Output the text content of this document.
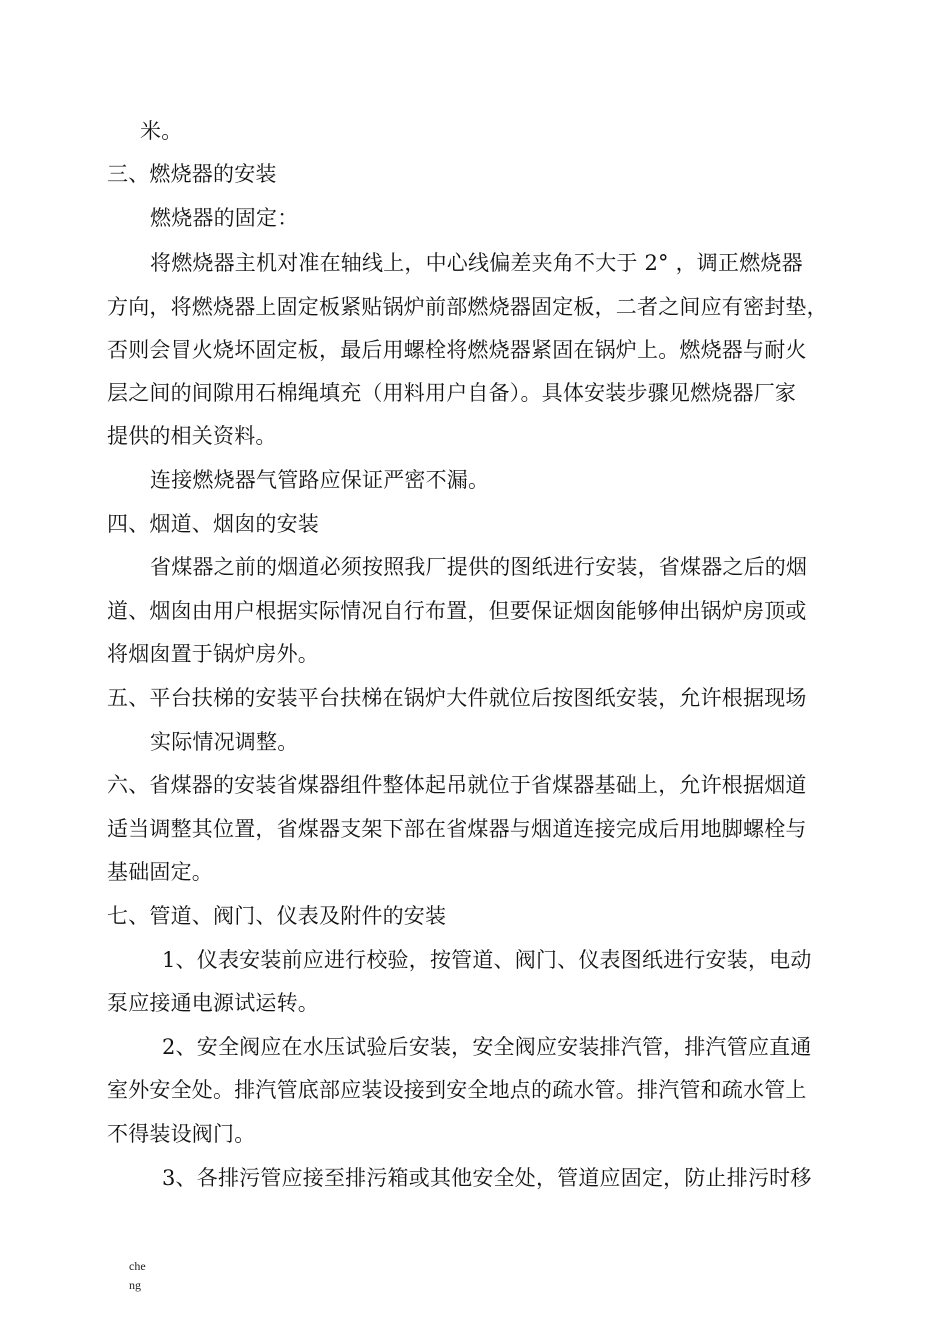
米。
三、燃烧器的安装
燃烧器的固定：
将燃烧器主机对准在轴线上，中心线偏差夹角不大于 2° ，调正燃烧器
方向，将燃烧器上固定板紧贴锅炉前部燃烧器固定板，二者之间应有密封垫，
否则会冒火烧坏固定板，最后用螺栓将燃烧器紧固在锅炉上。燃烧器与耐火
层之间的间隙用石棉绳填充（用料用户自备）。具体安装步骤见燃烧器厂家
提供的相关资料。
连接燃烧器气管路应保证严密不漏。
四、烟道、烟囱的安装
省煤器之前的烟道必须按照我厂提供的图纸进行安装，省煤器之后的烟
道、烟囱由用户根据实际情况自行布置，但要保证烟囱能够伸出锅炉房顶或
将烟囱置于锅炉房外。
五、平台扶梯的安装平台扶梯在锅炉大件就位后按图纸安装，允许根据现场
实际情况调整。
六、省煤器的安装省煤器组件整体起吊就位于省煤器基础上，允许根据烟道
适当调整其位置，省煤器支架下部在省煤器与烟道连接完成后用地脚螺栓与
基础固定。
七、管道、阀门、仪表及附件的安装
1、仪表安装前应进行校验，按管道、阀门、仪表图纸进行安装，电动
泵应接通电源试运转。
2、安全阀应在水压试验后安装，安全阀应安装排汽管，排汽管应直通
室外安全处。排汽管底部应装设接到安全地点的疏水管。排汽管和疏水管上
不得装设阀门。
3、各排污管应接至排污箱或其他安全处，管道应固定，防止排污时移
che
ng
